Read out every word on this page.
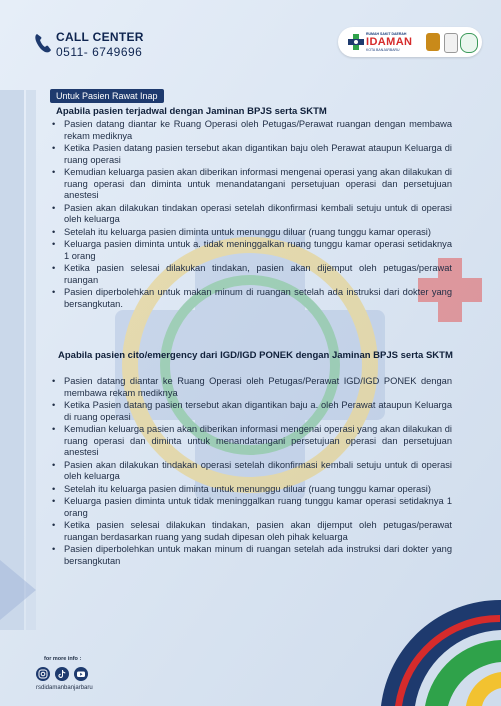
CALL CENTER
0511- 6749696
RUMAH SAKIT DAERAH
IDAMAN
KOTA BANJARBARU
Untuk Pasien Rawat Inap
Apabila pasien terjadwal dengan Jaminan BPJS serta SKTM
• Pasien datang diantar ke Ruang Operasi oleh Petugas/Perawat ruangan dengan membawa rekam mediknya
• Ketika Pasien datang pasien tersebut akan digantikan baju oleh Perawat ataupun Keluarga di ruang operasi
• Kemudian keluarga pasien akan diberikan informasi mengenai operasi yang akan dilakukan di ruang operasi dan diminta untuk menandatangani persetujuan operasi dan persetujuan anestesi
• Pasien akan dilakukan tindakan operasi setelah dikonfirmasi kembali setuju untuk di operasi oleh keluarga
• Setelah itu keluarga pasien diminta untuk menunggu diluar (ruang tunggu kamar operasi)
• Keluarga pasien diminta untuk a. tidak meninggalkan ruang tunggu kamar operasi setidaknya 1 orang
• Ketika pasien selesai dilakukan tindakan, pasien akan dijemput oleh petugas/perawat ruangan
• Pasien diperbolehkan untuk makan minum di ruangan setelah ada instruksi dari dokter yang bersangkutan.
Apabila pasien cito/emergency dari IGD/IGD PONEK dengan Jaminan BPJS serta SKTM
• Pasien datang diantar ke Ruang Operasi oleh Petugas/Perawat IGD/IGD PONEK dengan membawa rekam mediknya
• Ketika Pasien datang pasien tersebut akan digantikan baju a. oleh Perawat ataupun Keluarga di ruang operasi
• Kemudian keluarga pasien akan diberikan informasi mengenai operasi yang akan dilakukan di ruang operasi dan diminta untuk menandatangani persetujuan operasi dan persetujuan anestesi
• Pasien akan dilakukan tindakan operasi setelah dikonfirmasi kembali setuju untuk di operasi oleh keluarga
• Setelah itu keluarga pasien diminta untuk menunggu diluar (ruang tunggu kamar operasi)
• Keluarga pasien diminta untuk tidak meninggalkan ruang tunggu kamar operasi setidaknya 1 orang
• Ketika pasien selesai dilakukan tindakan, pasien akan dijemput oleh petugas/perawat ruangan berdasarkan ruang yang sudah dipesan oleh pihak keluarga
• Pasien diperbolehkan untuk makan minum di ruangan setelah ada instruksi dari dokter yang bersangkutan
for more info :
rsdidamanbanjarbaru
